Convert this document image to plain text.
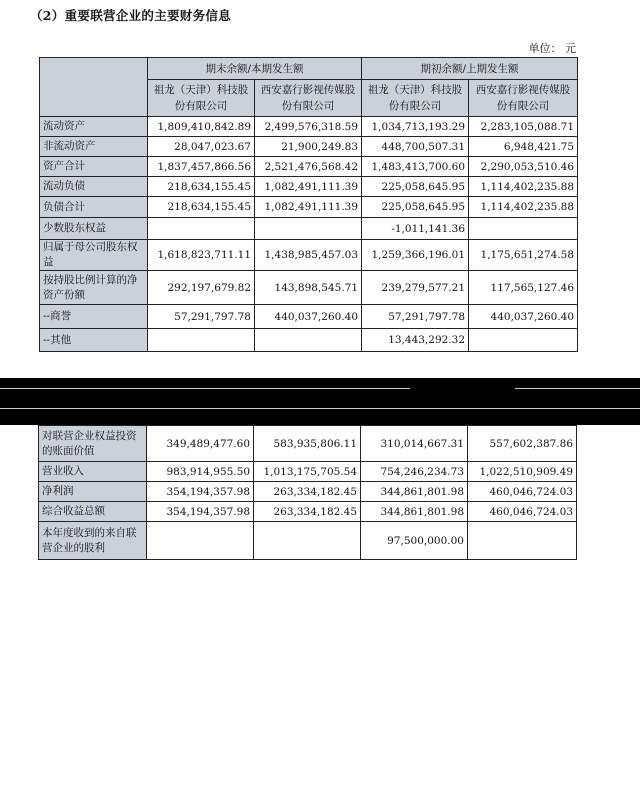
（2）重要联营企业的主要财务信息
单位： 元
	期末余额/本期发生额		期初余额/上期发生额	
	祖龙（天津）科技股份有限公司	西安嘉行影视传媒股份有限公司	祖龙（天津）科技股份有限公司	西安嘉行影视传媒股份有限公司
流动资产	1,809,410,842.89	2,499,576,318.59	1,034,713,193.29	2,283,105,088.71
非流动资产	28,047,023.67	21,900,249.83	448,700,507.31	6,948,421.75
资产合计	1,837,457,866.56	2,521,476,568.42	1,483,413,700.60	2,290,053,510.46
流动负债	218,634,155.45	1,082,491,111.39	225,058,645.95	1,114,402,235.88
负债合计	218,634,155.45	1,082,491,111.39	225,058,645.95	1,114,402,235.88
少数股东权益			-1,011,141.36	
归属于母公司股东权益	1,618,823,711.11	1,438,985,457.03	1,259,366,196.01	1,175,651,274.58
按持股比例计算的净资产份额	292,197,679.82	143,898,545.71	239,279,577.21	117,565,127.46
--商誉	57,291,797.78	440,037,260.40	57,291,797.78	440,037,260.40
--其他			13,443,292.32	
对联营企业权益投资的账面价值	349,489,477.60	583,935,806.11	310,014,667.31	557,602,387.86
营业收入	983,914,955.50	1,013,175,705.54	754,246,234.73	1,022,510,909.49
净利润	354,194,357.98	263,334,182.45	344,861,801.98	460,046,724.03
综合收益总额	354,194,357.98	263,334,182.45	344,861,801.98	460,046,724.03
本年度收到的来自联营企业的股利			97,500,000.00	
